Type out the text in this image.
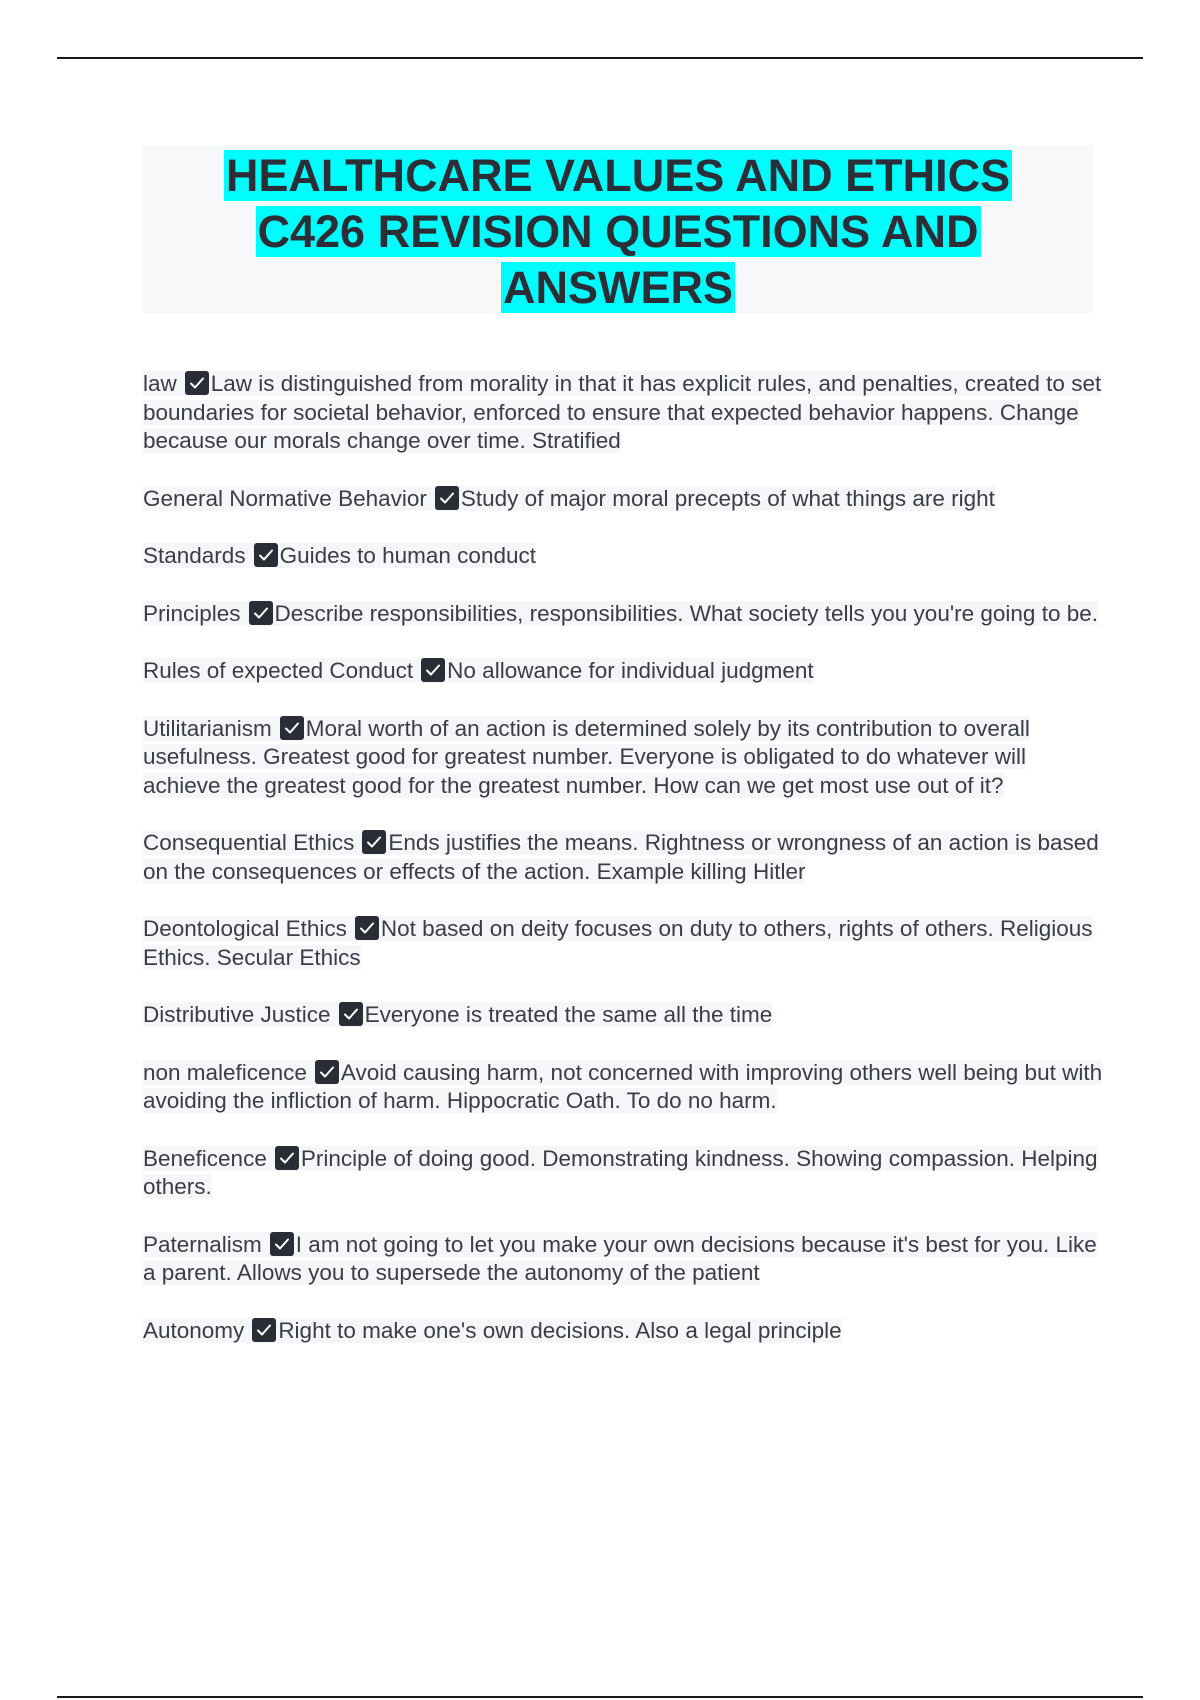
HEALTHCARE VALUES AND ETHICS
C426 REVISION QUESTIONS AND
ANSWERS

law Law is distinguished from morality in that it has explicit rules, and penalties, created to set boundaries for societal behavior, enforced to ensure that expected behavior happens. Change because our morals change over time. Stratified

General Normative Behavior Study of major moral precepts of what things are right

Standards Guides to human conduct

Principles Describe responsibilities, responsibilities. What society tells you you're going to be.

Rules of expected Conduct No allowance for individual judgment

Utilitarianism Moral worth of an action is determined solely by its contribution to overall usefulness. Greatest good for greatest number. Everyone is obligated to do whatever will achieve the greatest good for the greatest number. How can we get most use out of it?

Consequential Ethics Ends justifies the means. Rightness or wrongness of an action is based on the consequences or effects of the action. Example killing Hitler

Deontological Ethics Not based on deity focuses on duty to others, rights of others. Religious Ethics. Secular Ethics

Distributive Justice Everyone is treated the same all the time

non maleficence Avoid causing harm, not concerned with improving others well being but with avoiding the infliction of harm. Hippocratic Oath. To do no harm.

Beneficence Principle of doing good. Demonstrating kindness. Showing compassion. Helping others.

Paternalism I am not going to let you make your own decisions because it's best for you. Like a parent. Allows you to supersede the autonomy of the patient

Autonomy Right to make one's own decisions. Also a legal principle
